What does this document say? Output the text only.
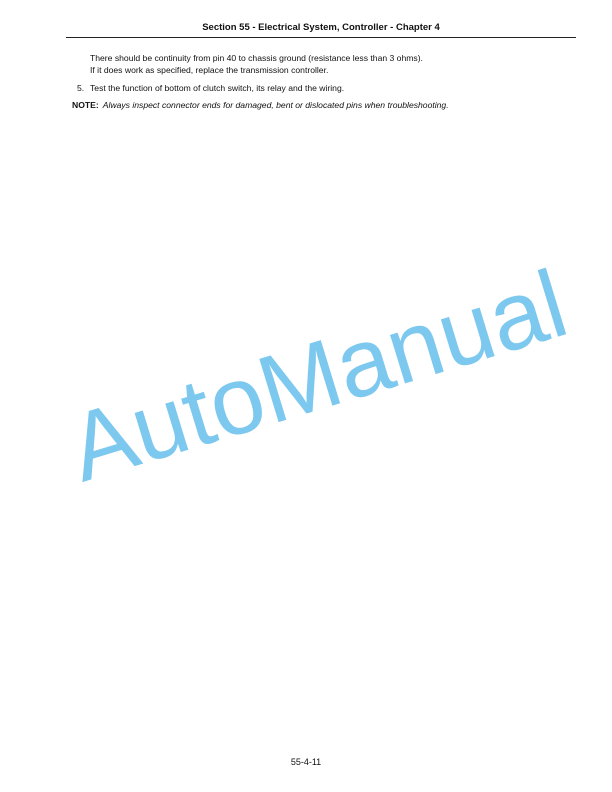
Section 55 - Electrical System, Controller - Chapter 4
There should be continuity from pin 40 to chassis ground (resistance less than 3 ohms).
If it does work as specified, replace the transmission controller.
5. Test the function of bottom of clutch switch, its relay and the wiring.
NOTE: Always inspect connector ends for damaged, bent or dislocated pins when troubleshooting.
AutoManual
55-4-11
